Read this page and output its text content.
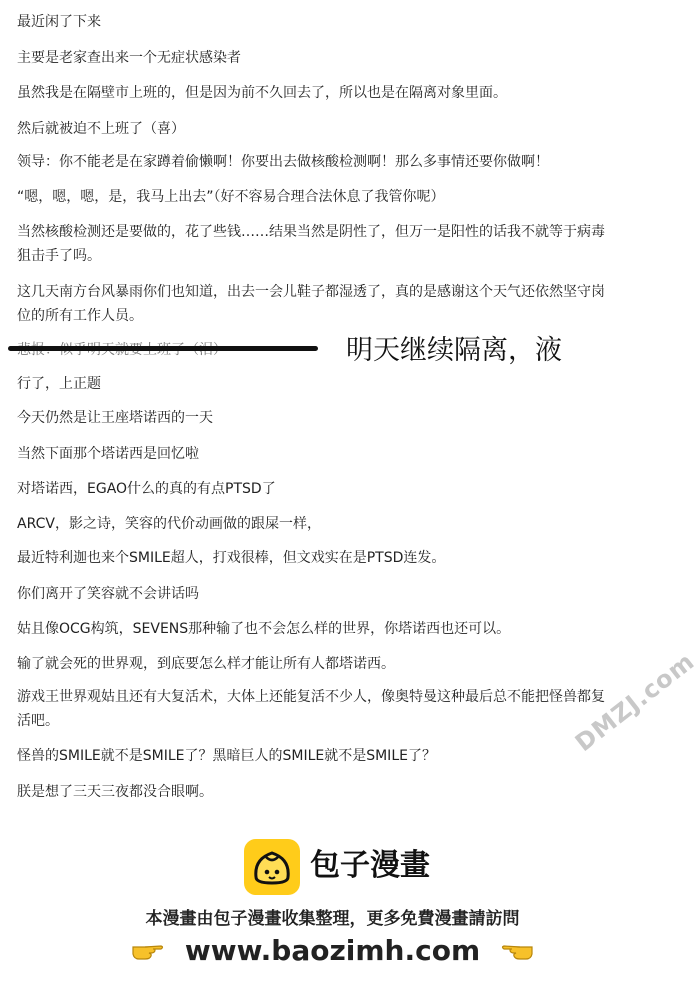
最近闲了下来
主要是老家查出来一个无症状感染者
虽然我是在隔壁市上班的，但是因为前不久回去了，所以也是在隔离对象里面。
然后就被迫不上班了（喜）
领导：你不能老是在家蹲着偷懒啊！你要出去做核酸检测啊！那么多事情还要你做啊！
“嗯，嗯，嗯，是，我马上出去”（好不容易合理合法休息了我管你呢）
当然核酸检测还是要做的，花了些钱……结果当然是阴性了，但万一是阳性的话我不就等于病毒狙击手了吗。
这几天南方台风暴雨你们也知道，出去一会儿鞋子都湿透了，真的是感谢这个天气还依然坚守岗位的所有工作人员。
明天继续隔离，液
行了，上正题
今天仍然是让王座塔诺西的一天
当然下面那个塔诺西是回忆啦
对塔诺西，EGAO什么的真的有点PTSD了
ARCV，影之诗，笑容的代价动画做的跟屎一样，
最近特利迦也来个SMILE超人，打戏很棒，但文戏实在是PTSD连发。
你们离开了笑容就不会讲话吗
姑且像OCG构筑，SEVENS那种输了也不会怎么样的世界，你塔诺西也还可以。
输了就会死的世界观，到底要怎么样才能让所有人都塔诺西。
游戏王世界观姑且还有大复活术，大体上还能复活不少人，像奥特曼这种最后总不能把怪兽都复活吧。
怪兽的SMILE就不是SMILE了？黑暗巨人的SMILE就不是SMILE了？
朕是想了三天三夜都没合眼啊。
DMZJ.com
包子漫畫
本漫畫由包子漫畫收集整理，更多免費漫畫請訪問
www.baozimh.com
